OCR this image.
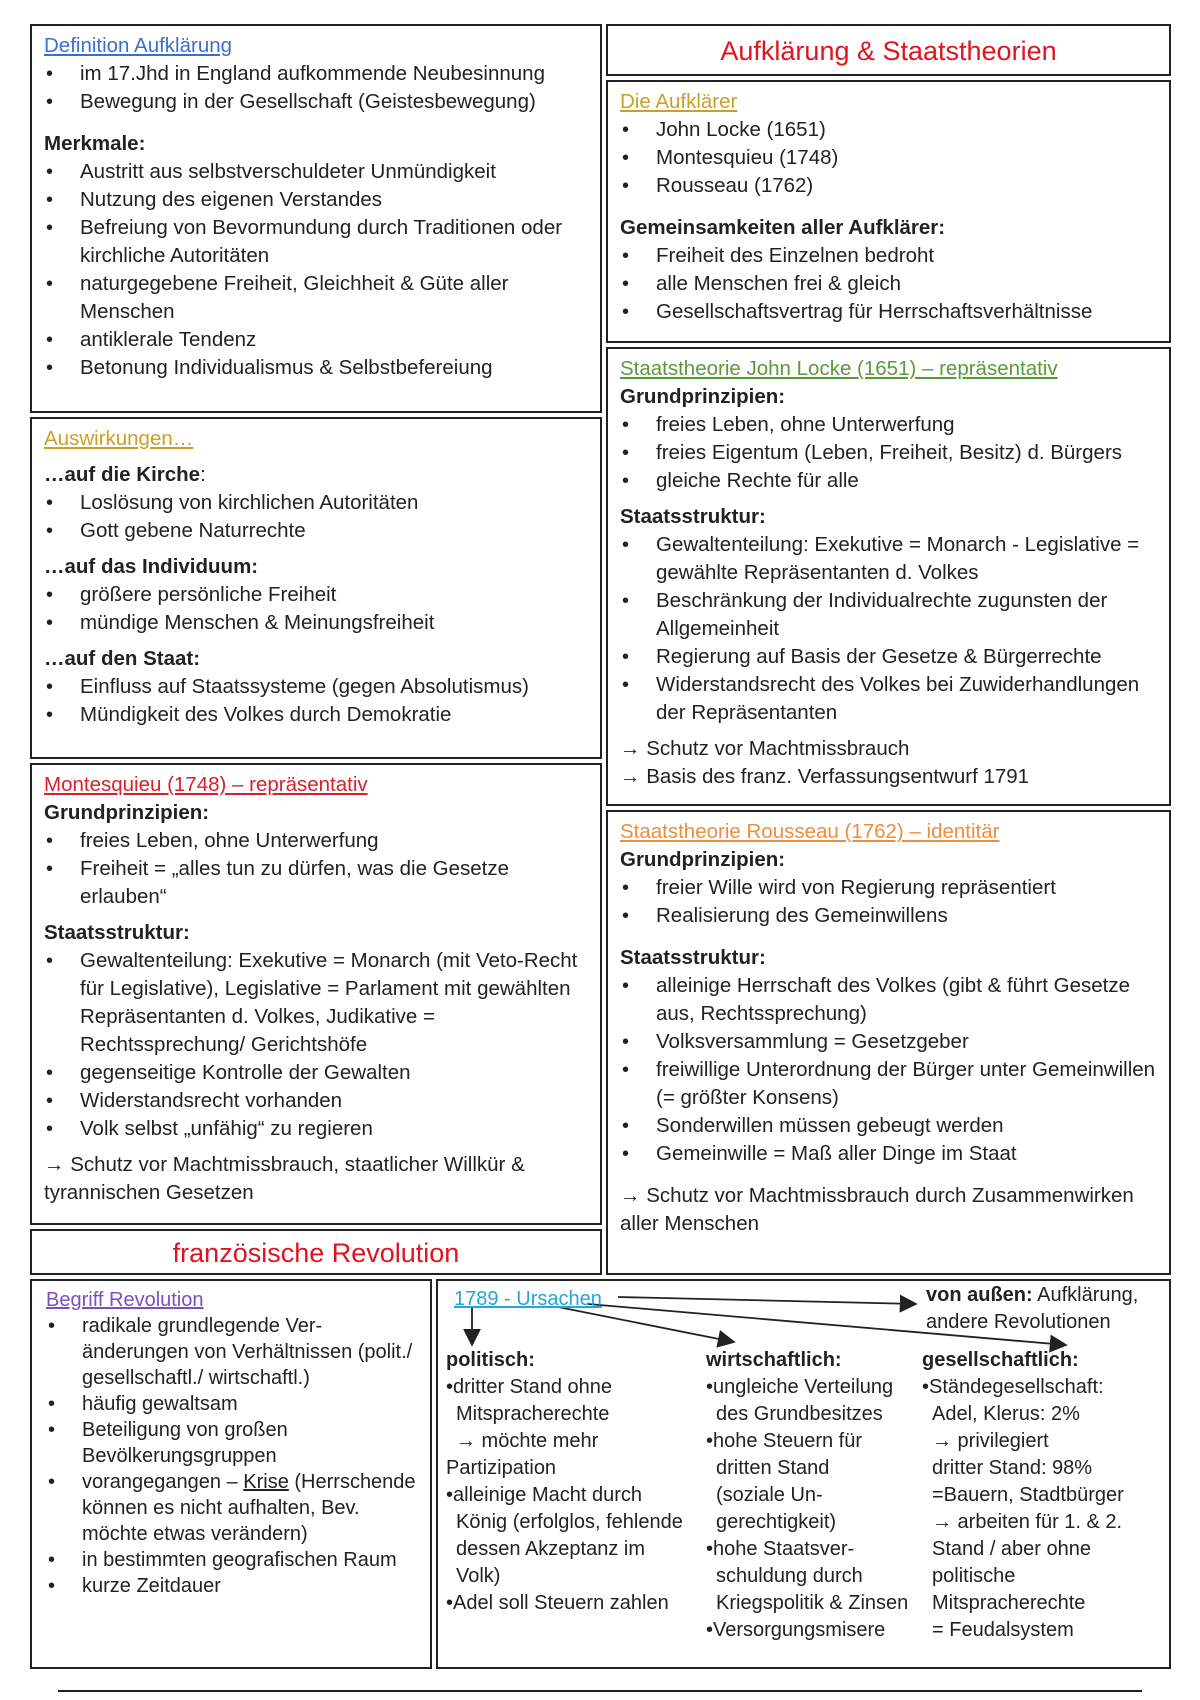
Definition Aufklärung

• im 17.Jhd in England aufkommende Neubesinnung
• Bewegung in der Gesellschaft (Geistesbewegung)

Merkmale:

• Austritt aus selbstverschuldeter Unmündigkeit
• Nutzung des eigenen Verstandes
• Befreiung von Bevormundung durch Traditionen oder kirchliche Autoritäten
• naturgegebene Freiheit, Gleichheit & Güte aller Menschen
• antiklerale Tendenz
• Betonung Individualismus & Selbstbefereiung
Aufklärung & Staatstheorien

Die Aufklärer

• John Locke (1651)
• Montesquieu (1748)
• Rousseau (1762)

Gemeinsamkeiten aller Aufklärer:

• Freiheit des Einzelnen bedroht
• alle Menschen frei & gleich
• Gesellschaftsvertrag für Herrschaftsverhältnisse

Auswirkungen…

…auf die Kirche:

• Loslösung von kirchlichen Autoritäten
• Gott gebene Naturrechte

…auf das Individuum:

• größere persönliche Freiheit
• mündige Menschen & Meinungsfreiheit

…auf den Staat:

• Einfluss auf Staatssysteme (gegen Absolutismus)
• Mündigkeit des Volkes durch Demokratie

Staatstheorie John Locke (1651) – repräsentativ

Grundprinzipien:

• freies Leben, ohne Unterwerfung
• freies Eigentum (Leben, Freiheit, Besitz) d. Bürgers
• gleiche Rechte für alle

Staatsstruktur:

• Gewaltenteilung: Exekutive = Monarch - Legislative = gewählte Repräsentanten d. Volkes
• Beschränkung der Individualrechte zugunsten der Allgemeinheit
• Regierung auf Basis der Gesetze & Bürgerrechte
• Widerstandsrecht des Volkes bei Zuwiderhandlungen der Repräsentanten

→ Schutz vor Machtmissbrauch

→ Basis des franz. Verfassungsentwurf 1791

Montesquieu (1748) – repräsentativ

Grundprinzipien:

• freies Leben, ohne Unterwerfung
• Freiheit = „alles tun zu dürfen, was die Gesetze erlauben“

Staatsstruktur:

• Gewaltenteilung: Exekutive = Monarch (mit Veto-Recht für Legislative), Legislative = Parlament mit gewählten Repräsentanten d. Volkes, Judikative = Rechtssprechung/ Gerichtshöfe
• gegenseitige Kontrolle der Gewalten
• Widerstandsrecht vorhanden
• Volk selbst „unfähig“ zu regieren

→ Schutz vor Machtmissbrauch, staatlicher Willkür & tyrannischen Gesetzen

Staatstheorie Rousseau (1762) – identitär

Grundprinzipien:

• freier Wille wird von Regierung repräsentiert
• Realisierung des Gemeinwillens

Staatsstruktur:

• alleinige Herrschaft des Volkes (gibt & führt Gesetze aus, Rechtssprechung)
• Volksversammlung = Gesetzgeber
• freiwillige Unterordnung der Bürger unter Gemeinwillen (= größter Konsens)
• Sonderwillen müssen gebeugt werden
• Gemeinwille = Maß aller Dinge im Staat

→ Schutz vor Machtmissbrauch durch Zusammenwirken aller Menschen

französische Revolution

Begriff Revolution

• radikale grundlegende Ver-änderungen von Verhältnissen (polit./ gesellschaftl./ wirtschaftl.)
• häufig gewaltsam
• Beteiligung von großen Bevölkerungsgruppen
• vorangegangen – Krise (Herrschende können es nicht aufhalten, Bev. möchte etwas verändern)
• in bestimmten geografischen Raum
• kurze Zeitdauer
1789 - Ursachen	von außen: Aufklärung,
andere Revolutionen

politisch:

•dritter Stand ohne
Mitspracherechte
→ möchte mehr
Partizipation
•alleinige Macht durch
König (erfolglos, fehlende
dessen Akzeptanz im
Volk)
•Adel soll Steuern zahlen

wirtschaftlich:

•ungleiche Verteilung
des Grundbesitzes
•hohe Steuern für
dritten Stand
(soziale Un-
gerechtigkeit)
•hohe Staatsver-
schuldung durch
Kriegspolitik & Zinsen
•Versorgungsmisere

gesellschaftlich:

•Ständegesellschaft:
Adel, Klerus: 2%
→ privilegiert
dritter Stand: 98%
=Bauern, Stadtbürger
→ arbeiten für 1. & 2.
Stand / aber ohne
politische
Mitspracherechte
= Feudalsystem
